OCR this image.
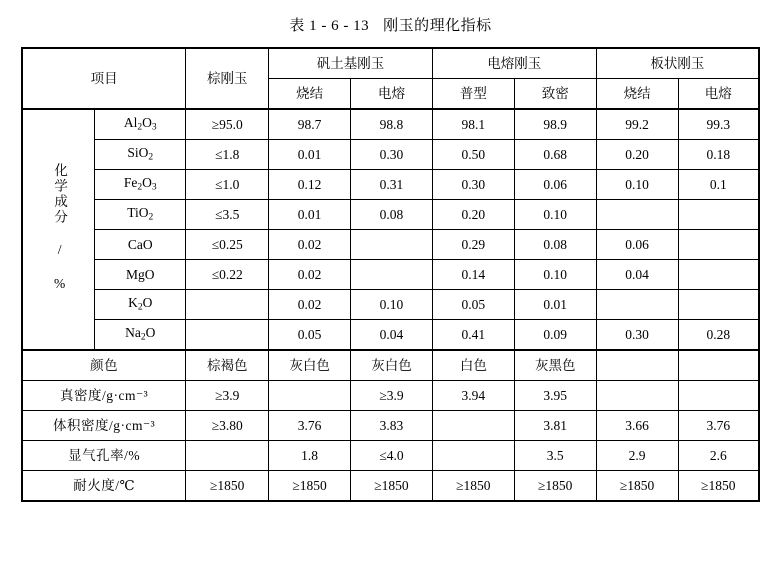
表 1 - 6 - 13 刚玉的理化指标
项目		棕刚玉	矾土基刚玉		电熔刚玉		板状刚玉	
			烧结	电熔	普型	致密	烧结	电熔
化学成分 / %	$Al_2O_3$	≥95.0	98.7	98.8	98.1	98.9	99.2	99.3
	SiO$_2$	≤1.8	0.01	0.30	0.50	0.68	0.20	0.18
	$Fe_2O_3$	≤1.0	0.12	0.31	0.30	0.06	0.10	0.1
	TiO$_2$	≤3.5	0.01	0.08	0.20	0.10		
	CaO	≤0.25	0.02		0.29	0.08	0.06	
	MgO	≤0.22	0.02		0.14	0.10	0.04	
	$K_2O$		0.02	0.10	0.05	0.01		
	$Na_2O$		0.05	0.04	0.41	0.09	0.30	0.28
颜色		棕褐色	灰白色	灰白色	白色	灰黑色		
真密度/g·cm⁻³		≥3.9		≥3.9	3.94	3.95		
体积密度/g·cm⁻³		≥3.80	3.76	3.83		3.81	3.66	3.76
显气孔率/%			1.8	≤4.0		3.5	2.9	2.6
耐火度/℃		≥1850	≥1850	≥1850	≥1850	≥1850	≥1850	≥1850
